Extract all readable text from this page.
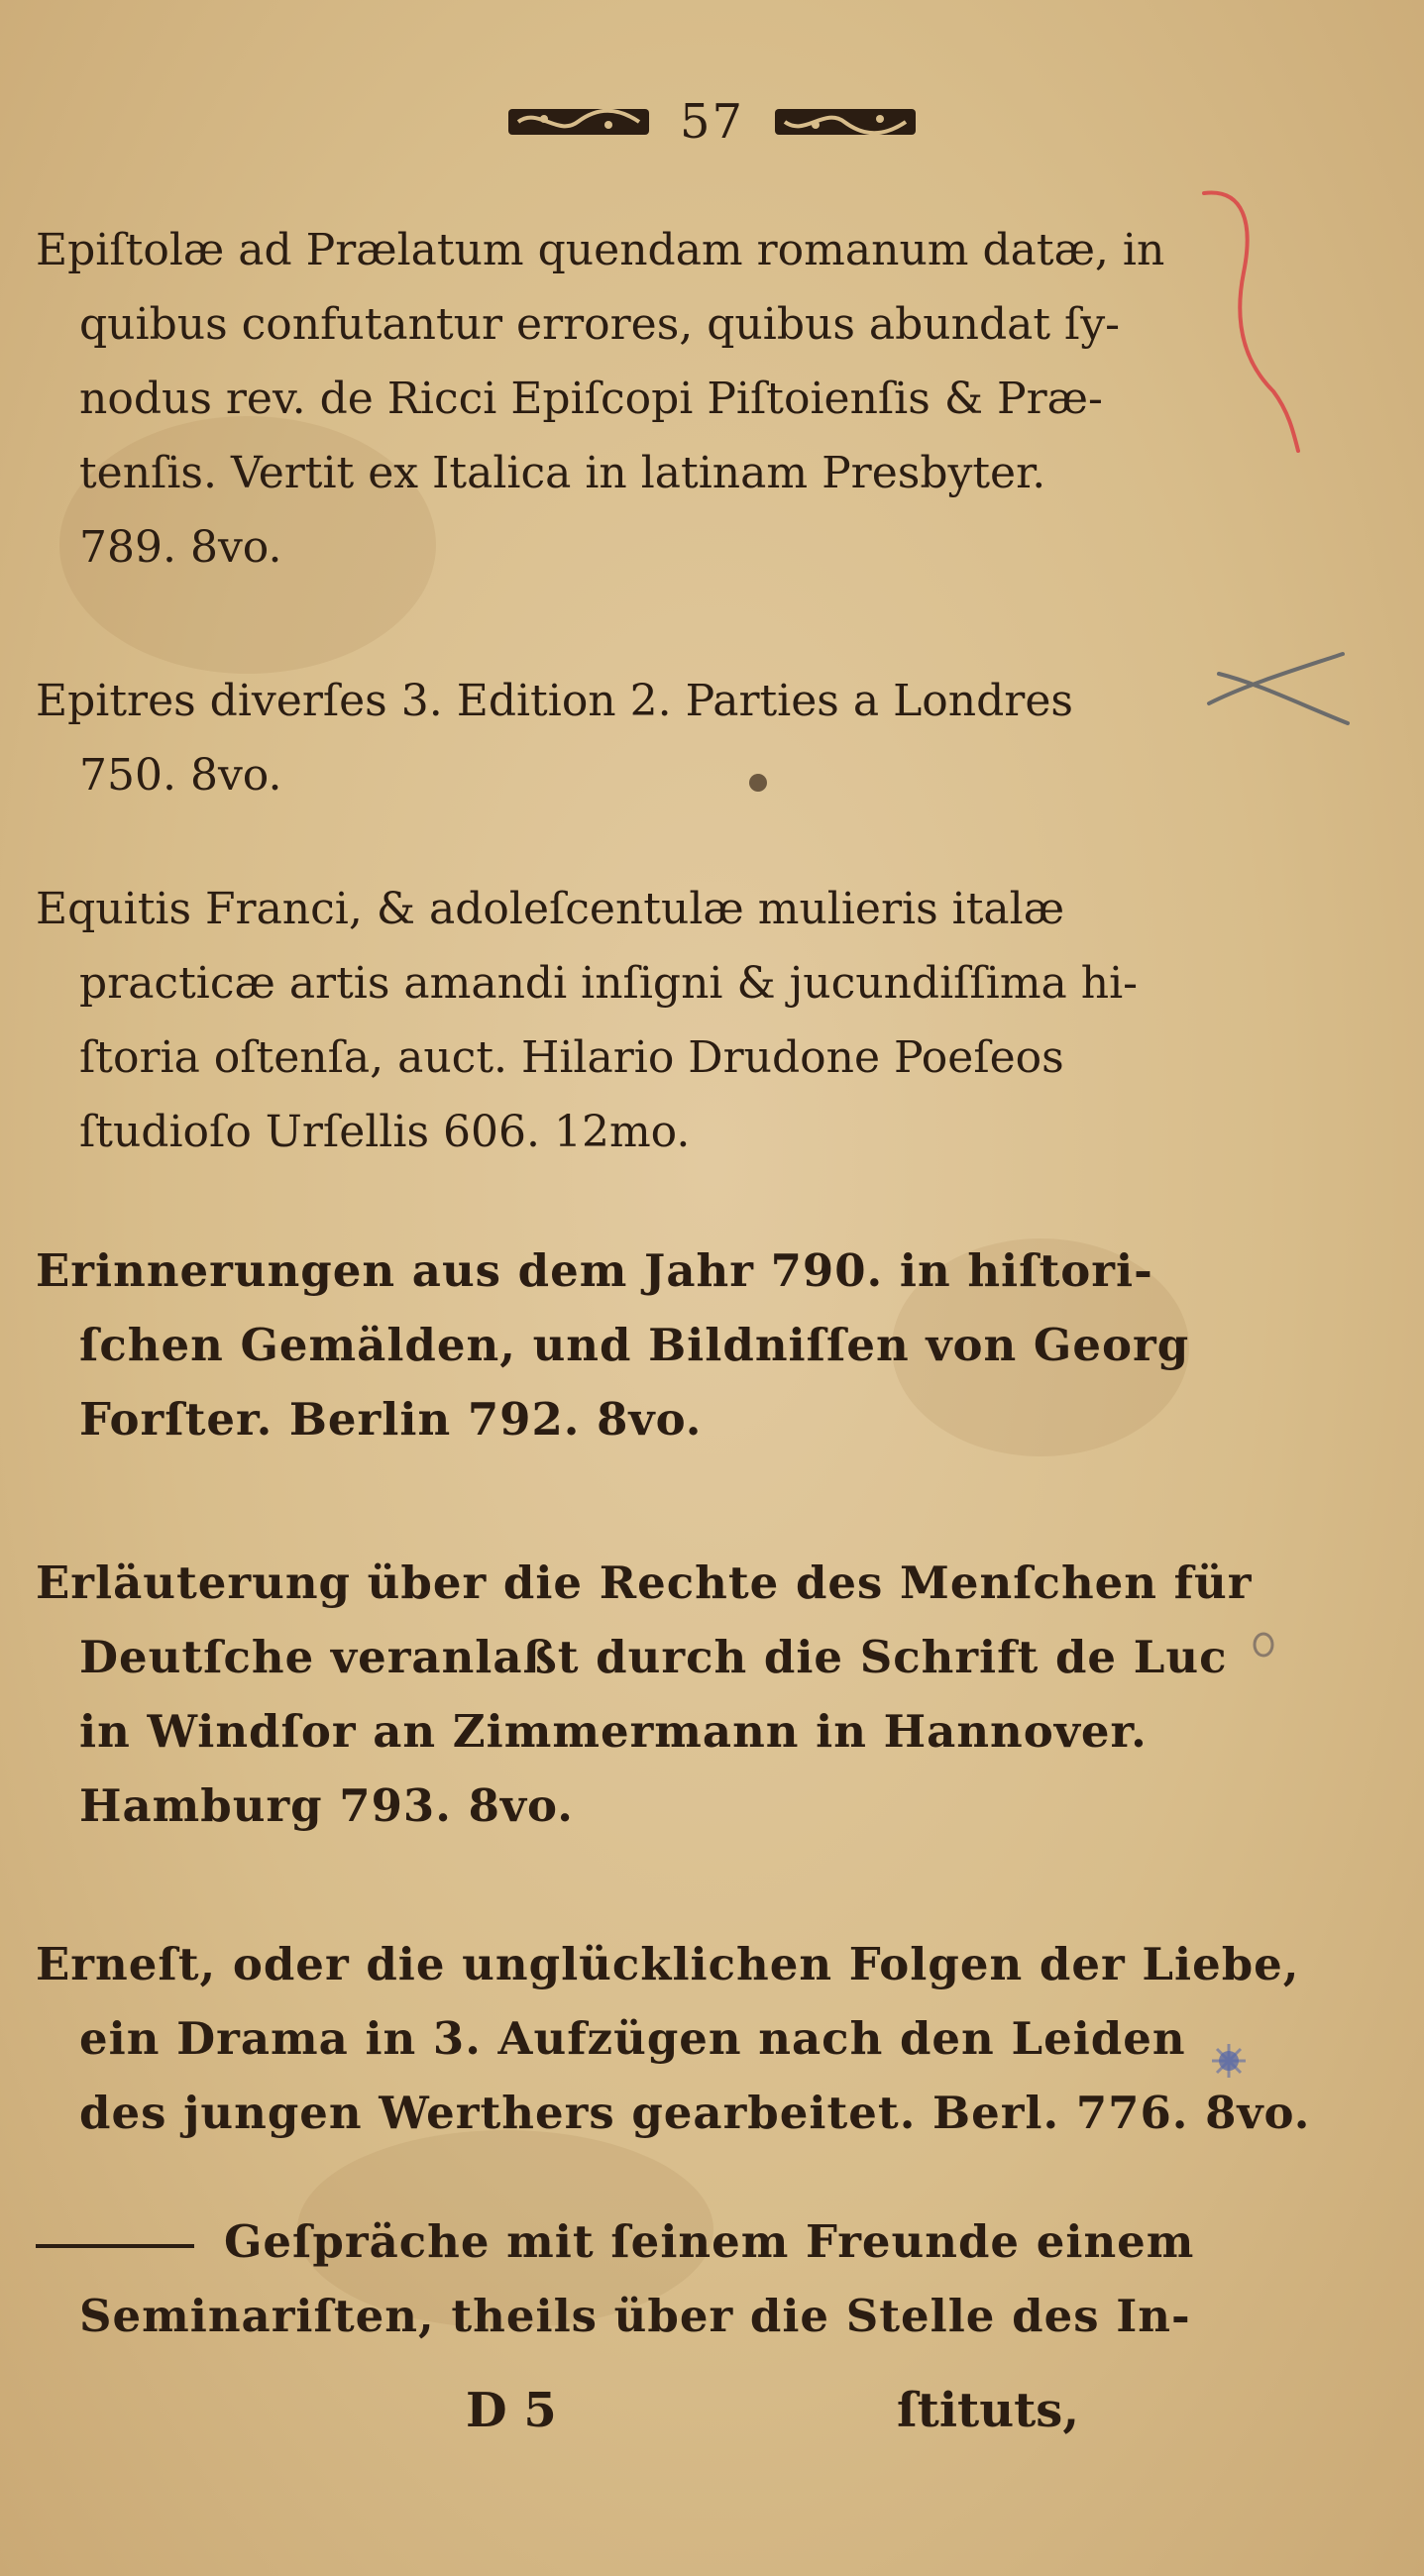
57
Epiſtolæ ad Prælatum quendam romanum datæ, in
quibus confutantur errores, quibus abundat ſy-
nodus rev. de Ricci Epiſcopi Piſtoienſis & Præ-
tenſis. Vertit ex Italica in latinam Presbyter.
789. 8vo.
Epitres diverſes 3. Edition 2. Parties a Londres
750. 8vo.
Equitis Franci, & adoleſcentulæ mulieris italæ
practicæ artis amandi inſigni & jucundiſſima hi-
ſtoria oſtenſa, auct. Hilario Drudone Poeſeos
ſtudioſo Urſellis 606. 12mo.
Erinnerungen aus dem Jahr 790. in hiſtori-
ſchen Gemälden, und Bildniſſen von Georg
Forſter. Berlin 792. 8vo.
Erläuterung über die Rechte des Menſchen für
Deutſche veranlaßt durch die Schrift de Luc
in Windſor an Zimmermann in Hannover.
Hamburg 793. 8vo.
Erneſt, oder die unglücklichen Folgen der Liebe,
ein Drama in 3. Aufzügen nach den Leiden
des jungen Werthers gearbeitet. Berl. 776. 8vo.
Geſpräche mit ſeinem Freunde einem
Seminariſten, theils über die Stelle des In-
D 5	ſtituts,
